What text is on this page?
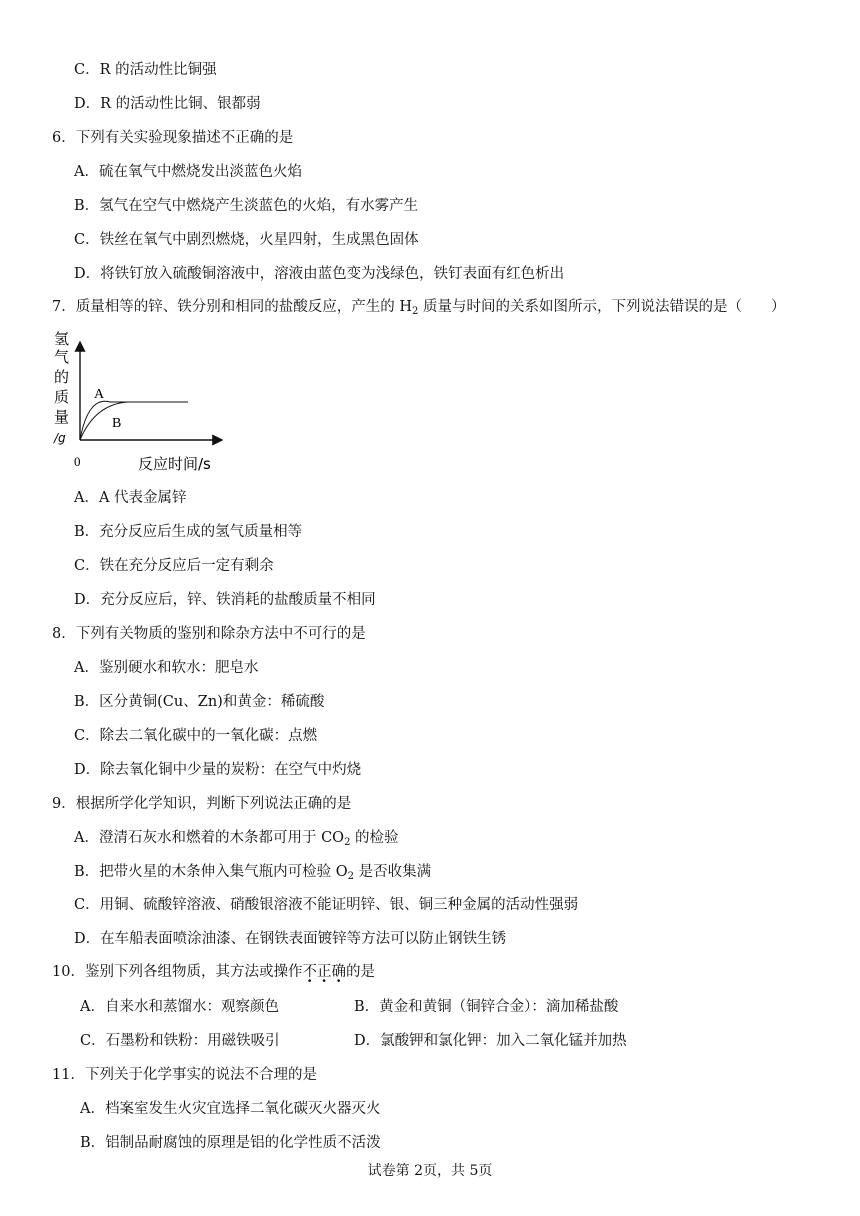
C．R 的活动性比铜强
D．R 的活动性比铜、银都弱
6．下列有关实验现象描述不正确的是
A．硫在氧气中燃烧发出淡蓝色火焰
B．氢气在空气中燃烧产生淡蓝色的火焰，有水雾产生
C．铁丝在氧气中剧烈燃烧，火星四射，生成黑色固体
D．将铁钉放入硫酸铜溶液中，溶液由蓝色变为浅绿色，铁钉表面有红色析出
7．质量相等的锌、铁分别和相同的盐酸反应，产生的 $H_2$ 质量与时间的关系如图所示，下列说法错误的是（　　）
A
B
0	反应时间/s
氢
气
的
质
量
/g
A．A 代表金属锌
B．充分反应后生成的氢气质量相等
C．铁在充分反应后一定有剩余
D．充分反应后，锌、铁消耗的盐酸质量不相同
8．下列有关物质的鉴别和除杂方法中不可行的是
A．鉴别硬水和软水：肥皂水
B．区分黄铜(Cu、Zn)和黄金：稀硫酸
C．除去二氧化碳中的一氧化碳：点燃
D．除去氧化铜中少量的炭粉：在空气中灼烧
9．根据所学化学知识，判断下列说法正确的是
A．澄清石灰水和燃着的木条都可用于 $CO_2$ 的检验
B．把带火星的木条伸入集气瓶内可检验 $O_2$ 是否收集满
C．用铜、硫酸锌溶液、硝酸银溶液不能证明锌、银、铜三种金属的活动性强弱
D．在车船表面喷涂油漆、在钢铁表面镀锌等方法可以防止钢铁生锈
10．鉴别下列各组物质，其方法或操作不正确的是
A．自来水和蒸馏水：观察颜色	B．黄金和黄铜（铜锌合金）：滴加稀盐酸
C．石墨粉和铁粉：用磁铁吸引	D．氯酸钾和氯化钾：加入二氧化锰并加热
11．下列关于化学事实的说法不合理的是
A．档案室发生火灾宜选择二氧化碳灭火器灭火
B．铝制品耐腐蚀的原理是铝的化学性质不活泼
试卷第 2页，共 5页
